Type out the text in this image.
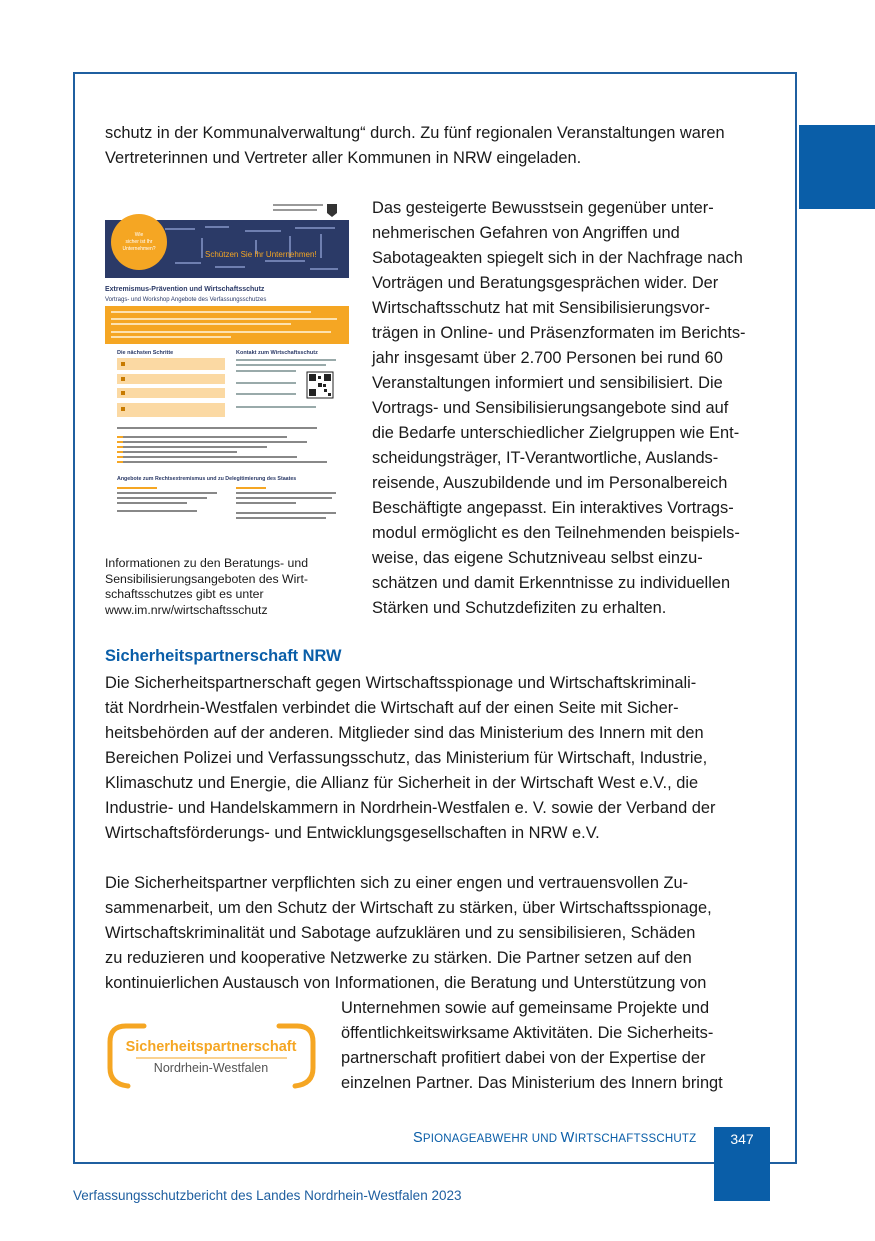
schutz in der Kommunalverwaltung“ durch. Zu fünf regionalen Veranstaltungen waren Vertreterinnen und Vertreter aller Kommunen in NRW eingeladen.
Schützen Sie Ihr Unternehmen!
Wie
sicher ist Ihr
Unternehmen?
Extremismus-Prävention und Wirtschaftsschutz
Vortrags- und Workshop Angebote des Verfassungsschutzes
Die nächsten Schritte	Kontakt zum Wirtschaftsschutz
Angebote zum Rechtsextremismus und zu Delegitimierung des Staates
Das gesteigerte Bewusstsein gegenüber unter-
nehmerischen Gefahren von Angriffen und
Sabotageakten spiegelt sich in der Nachfrage nach
Vorträgen und Beratungsgesprächen wider. Der
Wirtschaftsschutz hat mit Sensibilisierungsvor-
trägen in Online- und Präsenzformaten im Berichts-
jahr insgesamt über 2.700 Personen bei rund 60
Veranstaltungen informiert und sensibilisiert. Die
Vortrags- und Sensibilisierungsangebote sind auf
die Bedarfe unterschiedlicher Zielgruppen wie Ent-
scheidungsträger, IT-Verantwortliche, Auslands-
reisende, Auszubildende und im Personalbereich
Beschäftigte angepasst. Ein interaktives Vortrags-
modul ermöglicht es den Teilnehmenden beispiels-
weise, das eigene Schutzniveau selbst einzu-
schätzen und damit Erkenntnisse zu individuellen
Stärken und Schutzdefiziten zu erhalten.
Informationen zu den Beratungs- und
Sensibilisierungsangeboten des Wirt-
schaftsschutzes gibt es unter
www.im.nrw/wirtschaftsschutz
Sicherheitspartnerschaft NRW
Die Sicherheitspartnerschaft gegen Wirtschaftsspionage und Wirtschaftskriminali-
tät Nordrhein-Westfalen verbindet die Wirtschaft auf der einen Seite mit Sicher-
heitsbehörden auf der anderen. Mitglieder sind das Ministerium des Innern mit den
Bereichen Polizei und Verfassungsschutz, das Ministerium für Wirtschaft, Industrie,
Klimaschutz und Energie, die Allianz für Sicherheit in der Wirtschaft West e.V., die
Industrie- und Handelskammern in Nordrhein-Westfalen e. V. sowie der Verband der
Wirtschaftsförderungs- und Entwicklungsgesellschaften in NRW e.V.
Die Sicherheitspartner verpflichten sich zu einer engen und vertrauensvollen Zu-
sammenarbeit, um den Schutz der Wirtschaft zu stärken, über Wirtschaftsspionage,
Wirtschaftskriminalität und Sabotage aufzuklären und zu sensibilisieren, Schäden
zu reduzieren und kooperative Netzwerke zu stärken. Die Partner setzen auf den
kontinuierlichen Austausch von Informationen, die Beratung und Unterstützung von
Unternehmen sowie auf gemeinsame Projekte und
öffentlichkeitswirksame Aktivitäten. Die Sicherheits-
partnerschaft profitiert dabei von der Expertise der
einzelnen Partner. Das Ministerium des Innern bringt
Sicherheitspartnerschaft
Nordrhein-Westfalen
SPIONAGEABWEHR UND WIRTSCHAFTSSCHUTZ	347
Verfassungsschutzbericht des Landes Nordrhein-Westfalen 2023
